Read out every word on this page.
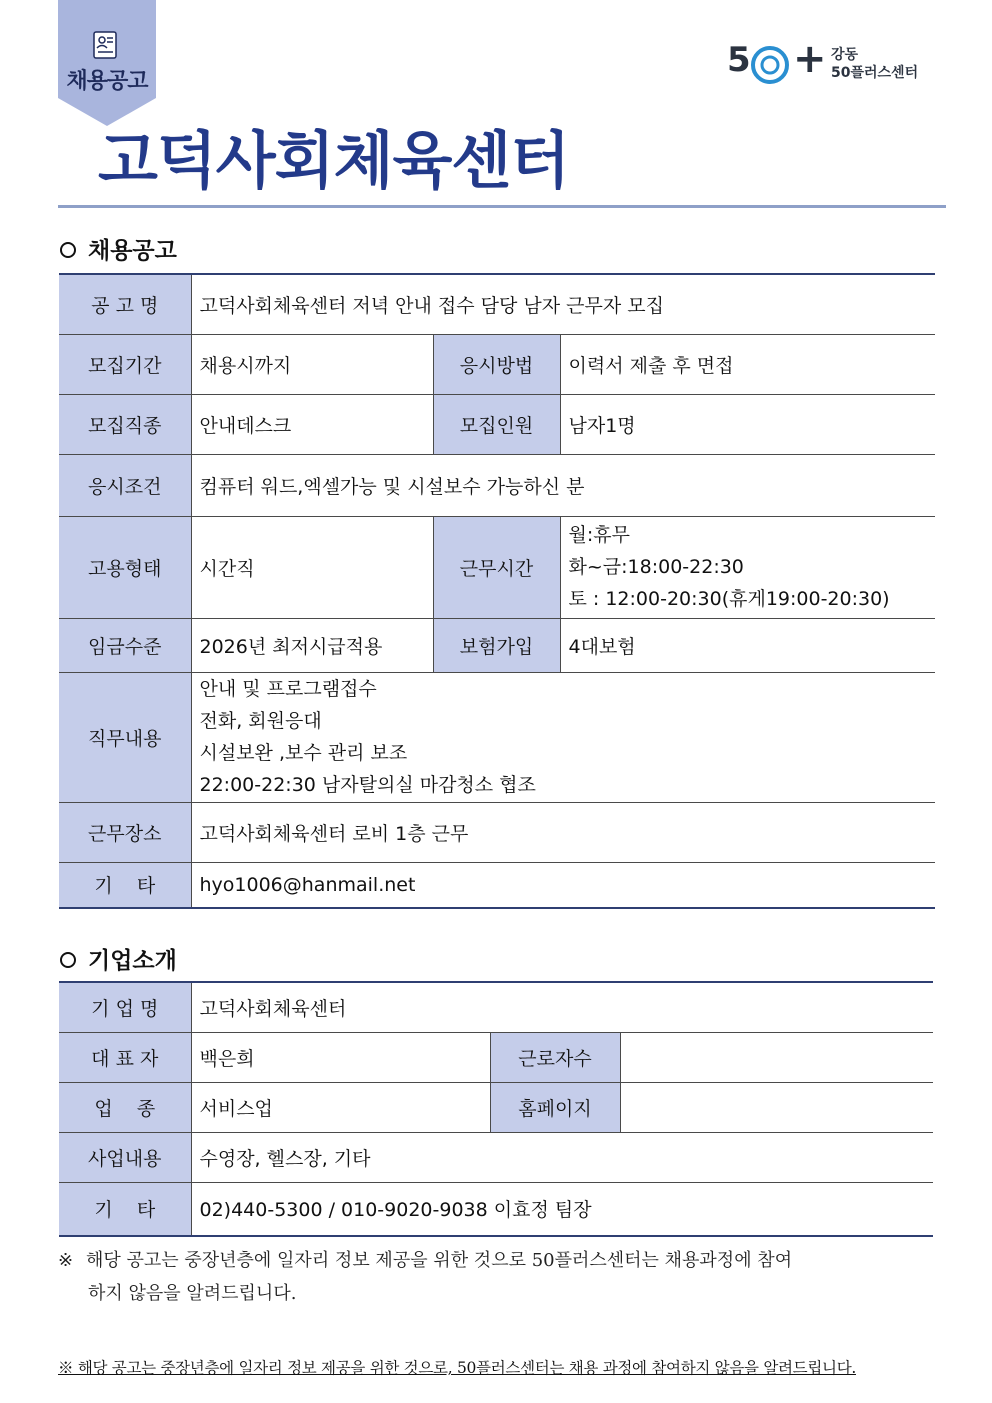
채용공고
5 + 강동
50플러스센터
고덕사회체육센터
채용공고
공 고 명	고덕사회체육센터 저녁 안내 접수 담당 남자 근무자 모집		
모집기간	채용시까지	응시방법	이력서 제출 후 면접
모집직종	안내데스크	모집인원	남자1명
응시조건	컴퓨터 워드,엑셀가능 및 시설보수 가능하신 분		
고용형태	시간직	근무시간	월:휴무
화~금:18:00-22:30
토 : 12:00-20:30(휴게19:00-20:30)

임금수준	2026년 최저시급적용	보험가입	4대보험
직무내용	안내 및 프로그램접수
전화, 회원응대
시설보완 ,보수 관리 보조
22:00-22:30 남자탈의실 마감청소 협조		

근무장소	고덕사회체육센터 로비 1층 근무		
기    타	hyo1006@hanmail.net		
기업소개
기 업 명	고덕사회체육센터		
대 표 자	백은희	근로자수	
업    종	서비스업	홈페이지	
사업내용	수영장, 헬스장, 기타		
기    타	02)440-5300 / 010-9020-9038 이효정 팀장		
※ 해당 공고는 중장년층에 일자리 정보 제공을 위한 것으로 50플러스센터는 채용과정에 참여
하지 않음을 알려드립니다.
※ 해당 공고는 중장년층에 일자리 정보 제공을 위한 것으로, 50플러스센터는 채용 과정에 참여하지 않음을 알려드립니다.
